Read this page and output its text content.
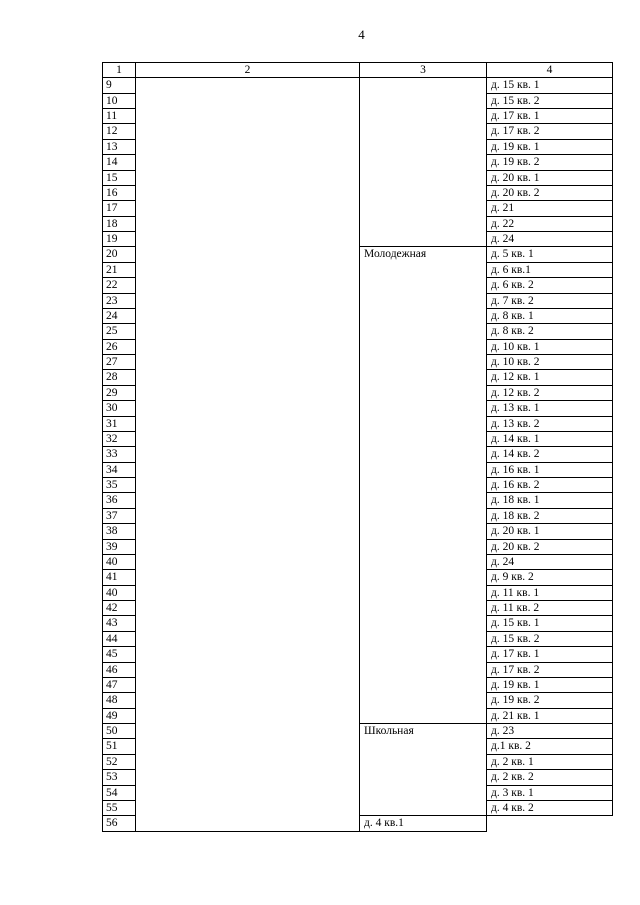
4
1	2	3	4
9			д. 15 кв. 1
10			д. 15 кв. 2
11			д. 17 кв. 1
12			д. 17 кв. 2
13			д. 19 кв. 1
14			д. 19 кв. 2
15			д. 20 кв. 1
16			д. 20 кв. 2
17			д. 21
18			д. 22
19			д. 24
20		Молодежная	д. 5 кв. 1
21			д. 6 кв.1
22			д. 6 кв. 2
23			д. 7 кв. 2
24			д. 8 кв. 1
25			д. 8 кв. 2
26			д. 10 кв. 1
27			д. 10 кв. 2
28			д. 12 кв. 1
29			д. 12 кв. 2
30			д. 13 кв. 1
31			д. 13 кв. 2
32			д. 14 кв. 1
33			д. 14 кв. 2
34			д. 16 кв. 1
35			д. 16 кв. 2
36			д. 18 кв. 1
37			д. 18 кв. 2
38			д. 20 кв. 1
39			д. 20 кв. 2
40			д. 24
41			д. 9 кв. 2
40			д. 11 кв. 1
42			д. 11 кв. 2
43			д. 15 кв. 1
44			д. 15 кв. 2
45			д. 17 кв. 1
46			д. 17 кв. 2
47			д. 19 кв. 1
48			д. 19 кв. 2
49			д. 21 кв. 1
50		Школьная	д. 23
51			д.1 кв. 2
52			д. 2 кв. 1
53			д. 2 кв. 2
54			д. 3 кв. 1
55			д. 4 кв. 2
56		д. 4 кв.1	
